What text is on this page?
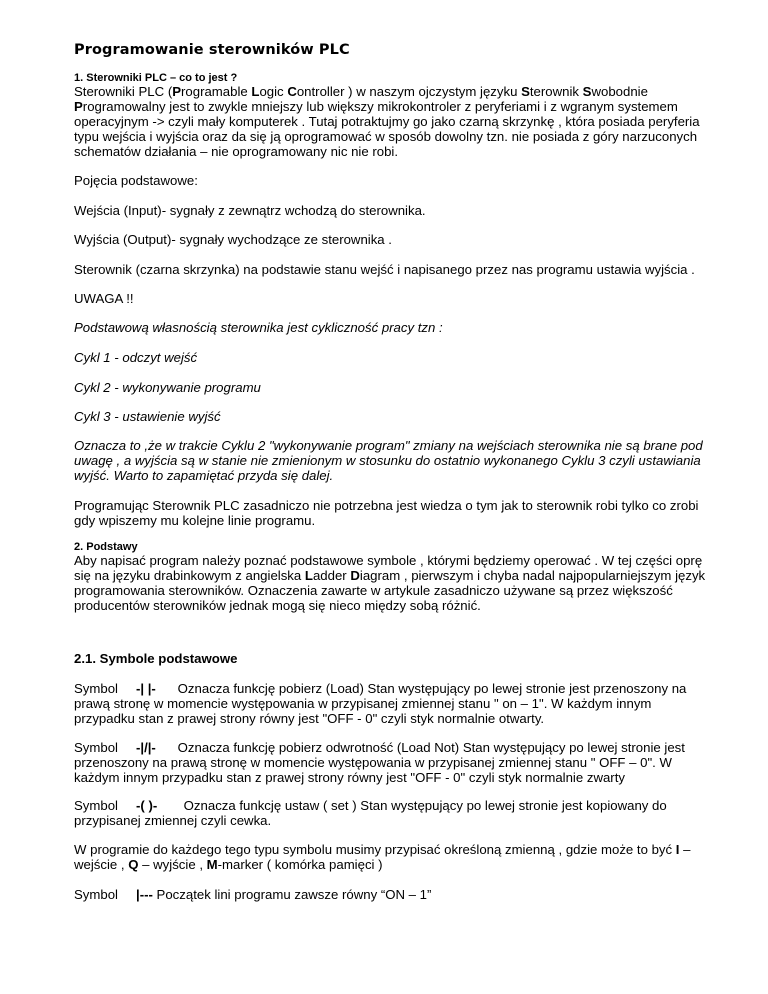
Programowanie sterowników PLC

1. Sterowniki PLC – co to jest ?

Sterowniki PLC (Programable Logic Controller ) w naszym ojczystym języku Sterownik Swobodnie Programowalny jest to zwykle mniejszy lub większy mikrokontroler z peryferiami i z wgranym systemem operacyjnym -> czyli mały komputerek . Tutaj potraktujmy go jako czarną skrzynkę , która posiada peryferia typu wejścia i wyjścia oraz da się ją oprogramować w sposób dowolny tzn. nie posiada z góry narzuconych schematów działania – nie oprogramowany nic nie robi.

Pojęcia podstawowe:

Wejścia (Input)- sygnały z zewnątrz wchodzą do sterownika.

Wyjścia (Output)- sygnały wychodzące ze sterownika .

Sterownik (czarna skrzynka) na podstawie stanu wejść i napisanego przez nas programu ustawia wyjścia .

UWAGA !!

Podstawową własnością sterownika jest cykliczność pracy tzn :

Cykl 1 - odczyt wejść

Cykl 2 - wykonywanie programu

Cykl 3 - ustawienie wyjść

Oznacza to ,że w trakcie Cyklu 2 "wykonywanie program" zmiany na wejściach sterownika nie są brane pod uwagę , a wyjścia są w stanie nie zmienionym w stosunku do ostatnio wykonanego Cyklu 3 czyli ustawiania wyjść. Warto to zapamiętać przyda się dalej.

Programując Sterownik PLC zasadniczo nie potrzebna jest wiedza o tym jak to sterownik robi tylko co zrobi gdy wpiszemy mu kolejne linie programu.

2. Podstawy

Aby napisać program należy poznać podstawowe symbole , którymi będziemy operować . W tej części oprę się na języku drabinkowym z angielska Ladder Diagram , pierwszym i chyba nadal najpopularniejszym język programowania sterowników. Oznaczenia zawarte w artykule zasadniczo używane są przez większość producentów sterowników jednak mogą się nieco między sobą różnić.

2.1. Symbole podstawowe

Symbol -| |- Oznacza funkcję pobierz (Load) Stan występujący po lewej stronie jest przenoszony na prawą stronę w momencie występowania w przypisanej zmiennej stanu " on – 1". W każdym innym przypadku stan z prawej strony równy jest "OFF - 0" czyli styk normalnie otwarty.

Symbol -|/|- Oznacza funkcję pobierz odwrotność (Load Not) Stan występujący po lewej stronie jest przenoszony na prawą stronę w momencie występowania w przypisanej zmiennej stanu " OFF – 0". W każdym innym przypadku stan z prawej strony równy jest "OFF - 0" czyli styk normalnie zwarty

Symbol -( )- Oznacza funkcję ustaw ( set ) Stan występujący po lewej stronie jest kopiowany do przypisanej zmiennej czyli cewka.

W programie do każdego tego typu symbolu musimy przypisać określoną zmienną , gdzie może to być I – wejście , Q – wyjście , M-marker ( komórka pamięci )

Symbol |--- Początek lini programu zawsze równy “ON – 1”
